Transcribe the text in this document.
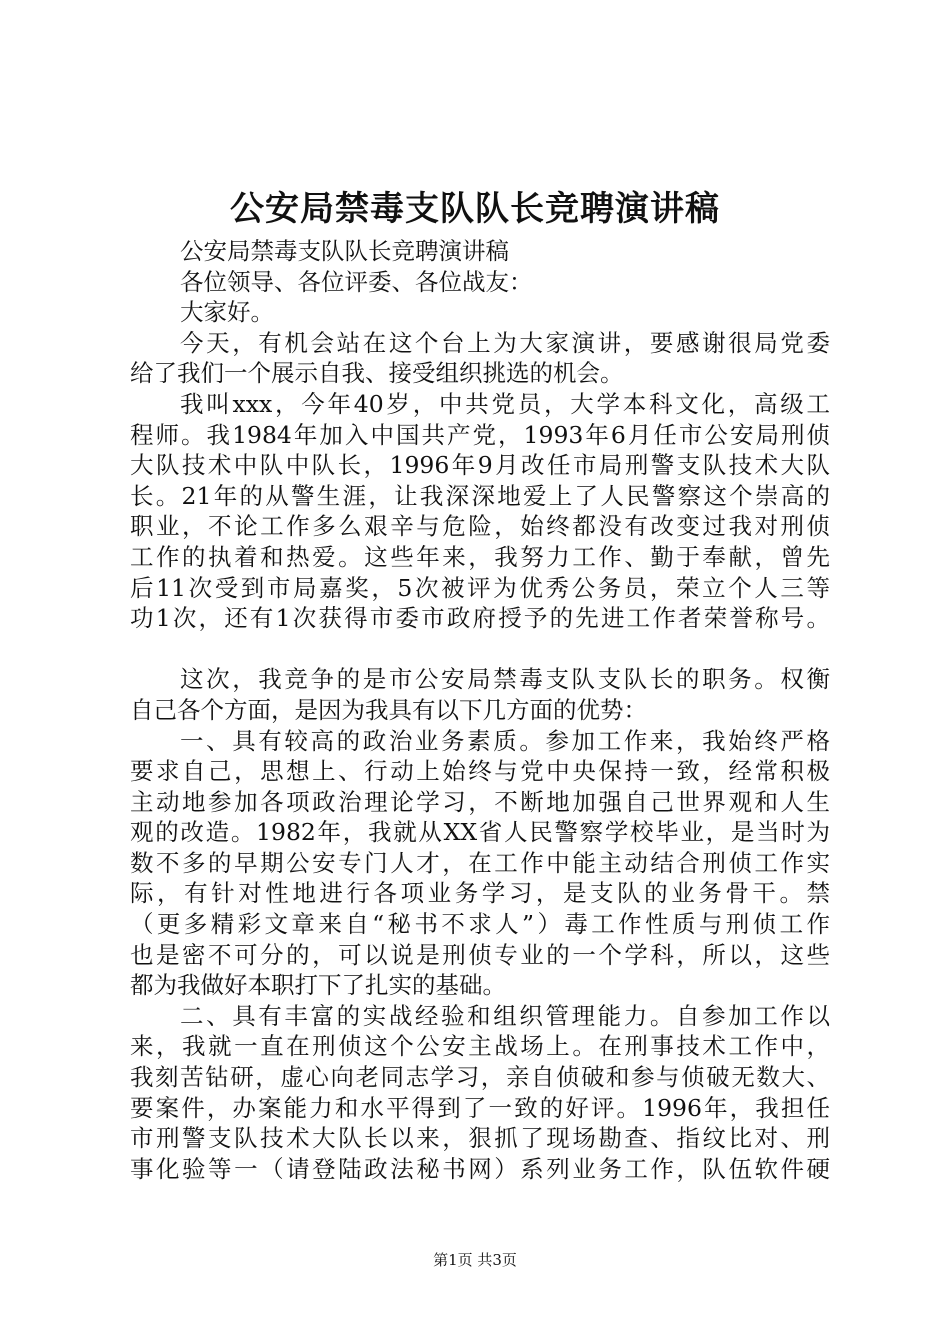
公安局禁毒支队队长竞聘演讲稿
公安局禁毒支队队长竞聘演讲稿
各位领导、各位评委、各位战友：
大家好。
今天，有机会站在这个台上为大家演讲，要感谢很局党委
给了我们一个展示自我、接受组织挑选的机会。
我叫xxx，今年40岁，中共党员，大学本科文化，高级工
程师。我1984年加入中国共产党，1993年6月任市公安局刑侦
大队技术中队中队长，1996年9月改任市局刑警支队技术大队
长。21年的从警生涯，让我深深地爱上了人民警察这个崇高的
职业，不论工作多么艰辛与危险，始终都没有改变过我对刑侦
工作的执着和热爱。这些年来，我努力工作、勤于奉献，曾先
后11次受到市局嘉奖，5次被评为优秀公务员，荣立个人三等
功1次，还有1次获得市委市政府授予的先进工作者荣誉称号。
这次，我竞争的是市公安局禁毒支队支队长的职务。权衡
自己各个方面，是因为我具有以下几方面的优势：
一、具有较高的政治业务素质。参加工作来，我始终严格
要求自己，思想上、行动上始终与党中央保持一致，经常积极
主动地参加各项政治理论学习，不断地加强自己世界观和人生
观的改造。1982年，我就从XX省人民警察学校毕业，是当时为
数不多的早期公安专门人才，在工作中能主动结合刑侦工作实
际，有针对性地进行各项业务学习，是支队的业务骨干。禁
（更多精彩文章来自“秘书不求人”）毒工作性质与刑侦工作
也是密不可分的，可以说是刑侦专业的一个学科，所以，这些
都为我做好本职打下了扎实的基础。
二、具有丰富的实战经验和组织管理能力。自参加工作以
来，我就一直在刑侦这个公安主战场上。在刑事技术工作中，
我刻苦钻研，虚心向老同志学习，亲自侦破和参与侦破无数大、
要案件，办案能力和水平得到了一致的好评。1996年，我担任
市刑警支队技术大队长以来，狠抓了现场勘查、指纹比对、刑
事化验等一（请登陆政法秘书网）系列业务工作，队伍软件硬
第1页 共3页
